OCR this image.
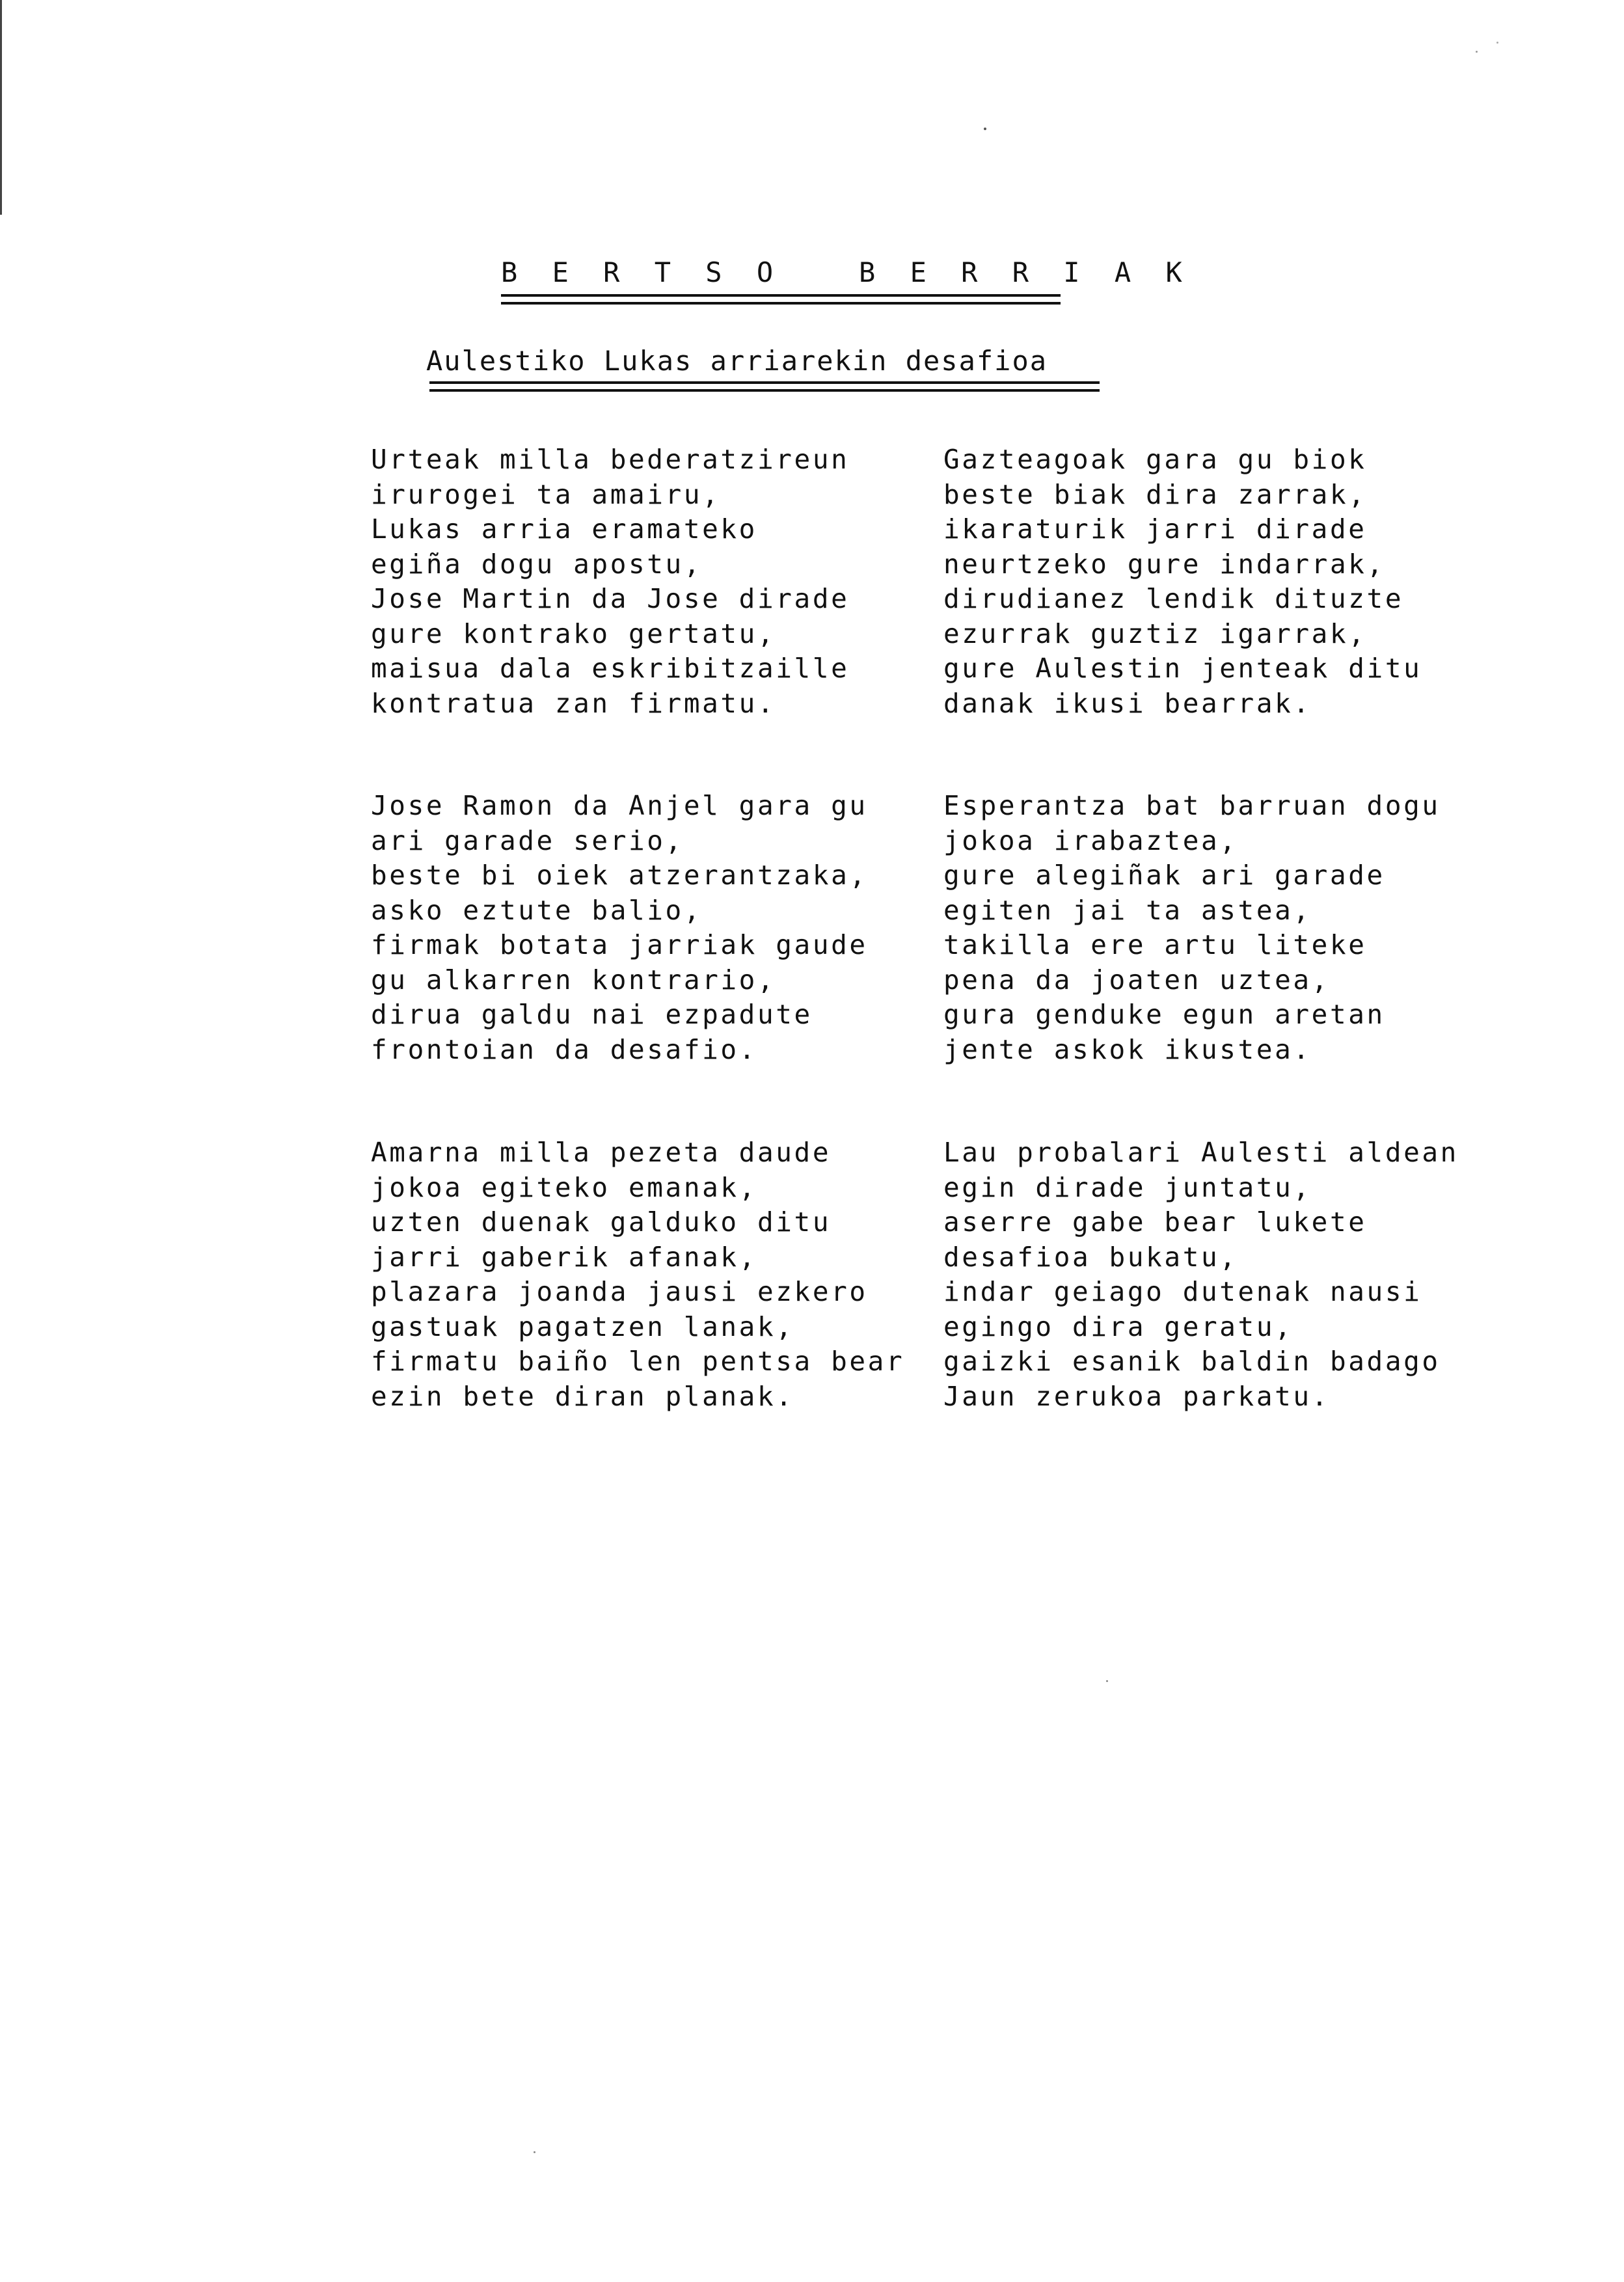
B E R T S O   B E R R I A K
Aulestiko Lukas arriarekin desafioa
Urteak milla bederatzireun
irurogei ta amairu,
Lukas arria eramateko
egiña dogu apostu,
Jose Martin da Jose dirade
gure kontrako gertatu,
maisua dala eskribitzaille
kontratua zan firmatu.
Gazteagoak gara gu biok
beste biak dira zarrak,
ikaraturik jarri dirade
neurtzeko gure indarrak,
dirudianez lendik dituzte
ezurrak guztiz igarrak,
gure Aulestin jenteak ditu
danak ikusi bearrak.
Jose Ramon da Anjel gara gu
ari garade serio,
beste bi oiek atzerantzaka,
asko eztute balio,
firmak botata jarriak gaude
gu alkarren kontrario,
dirua galdu nai ezpadute
frontoian da desafio.
Esperantza bat barruan dogu
jokoa irabaztea,
gure alegiñak ari garade
egiten jai ta astea,
takilla ere artu liteke
pena da joaten uztea,
gura genduke egun aretan
jente askok ikustea.
Amarna milla pezeta daude
jokoa egiteko emanak,
uzten duenak galduko ditu
jarri gaberik afanak,
plazara joanda jausi ezkero
gastuak pagatzen lanak,
firmatu baiño len pentsa bear
ezin bete diran planak.
Lau probalari Aulesti aldean
egin dirade juntatu,
aserre gabe bear lukete
desafioa bukatu,
indar geiago dutenak nausi
egingo dira geratu,
gaizki esanik baldin badago
Jaun zerukoa parkatu.
